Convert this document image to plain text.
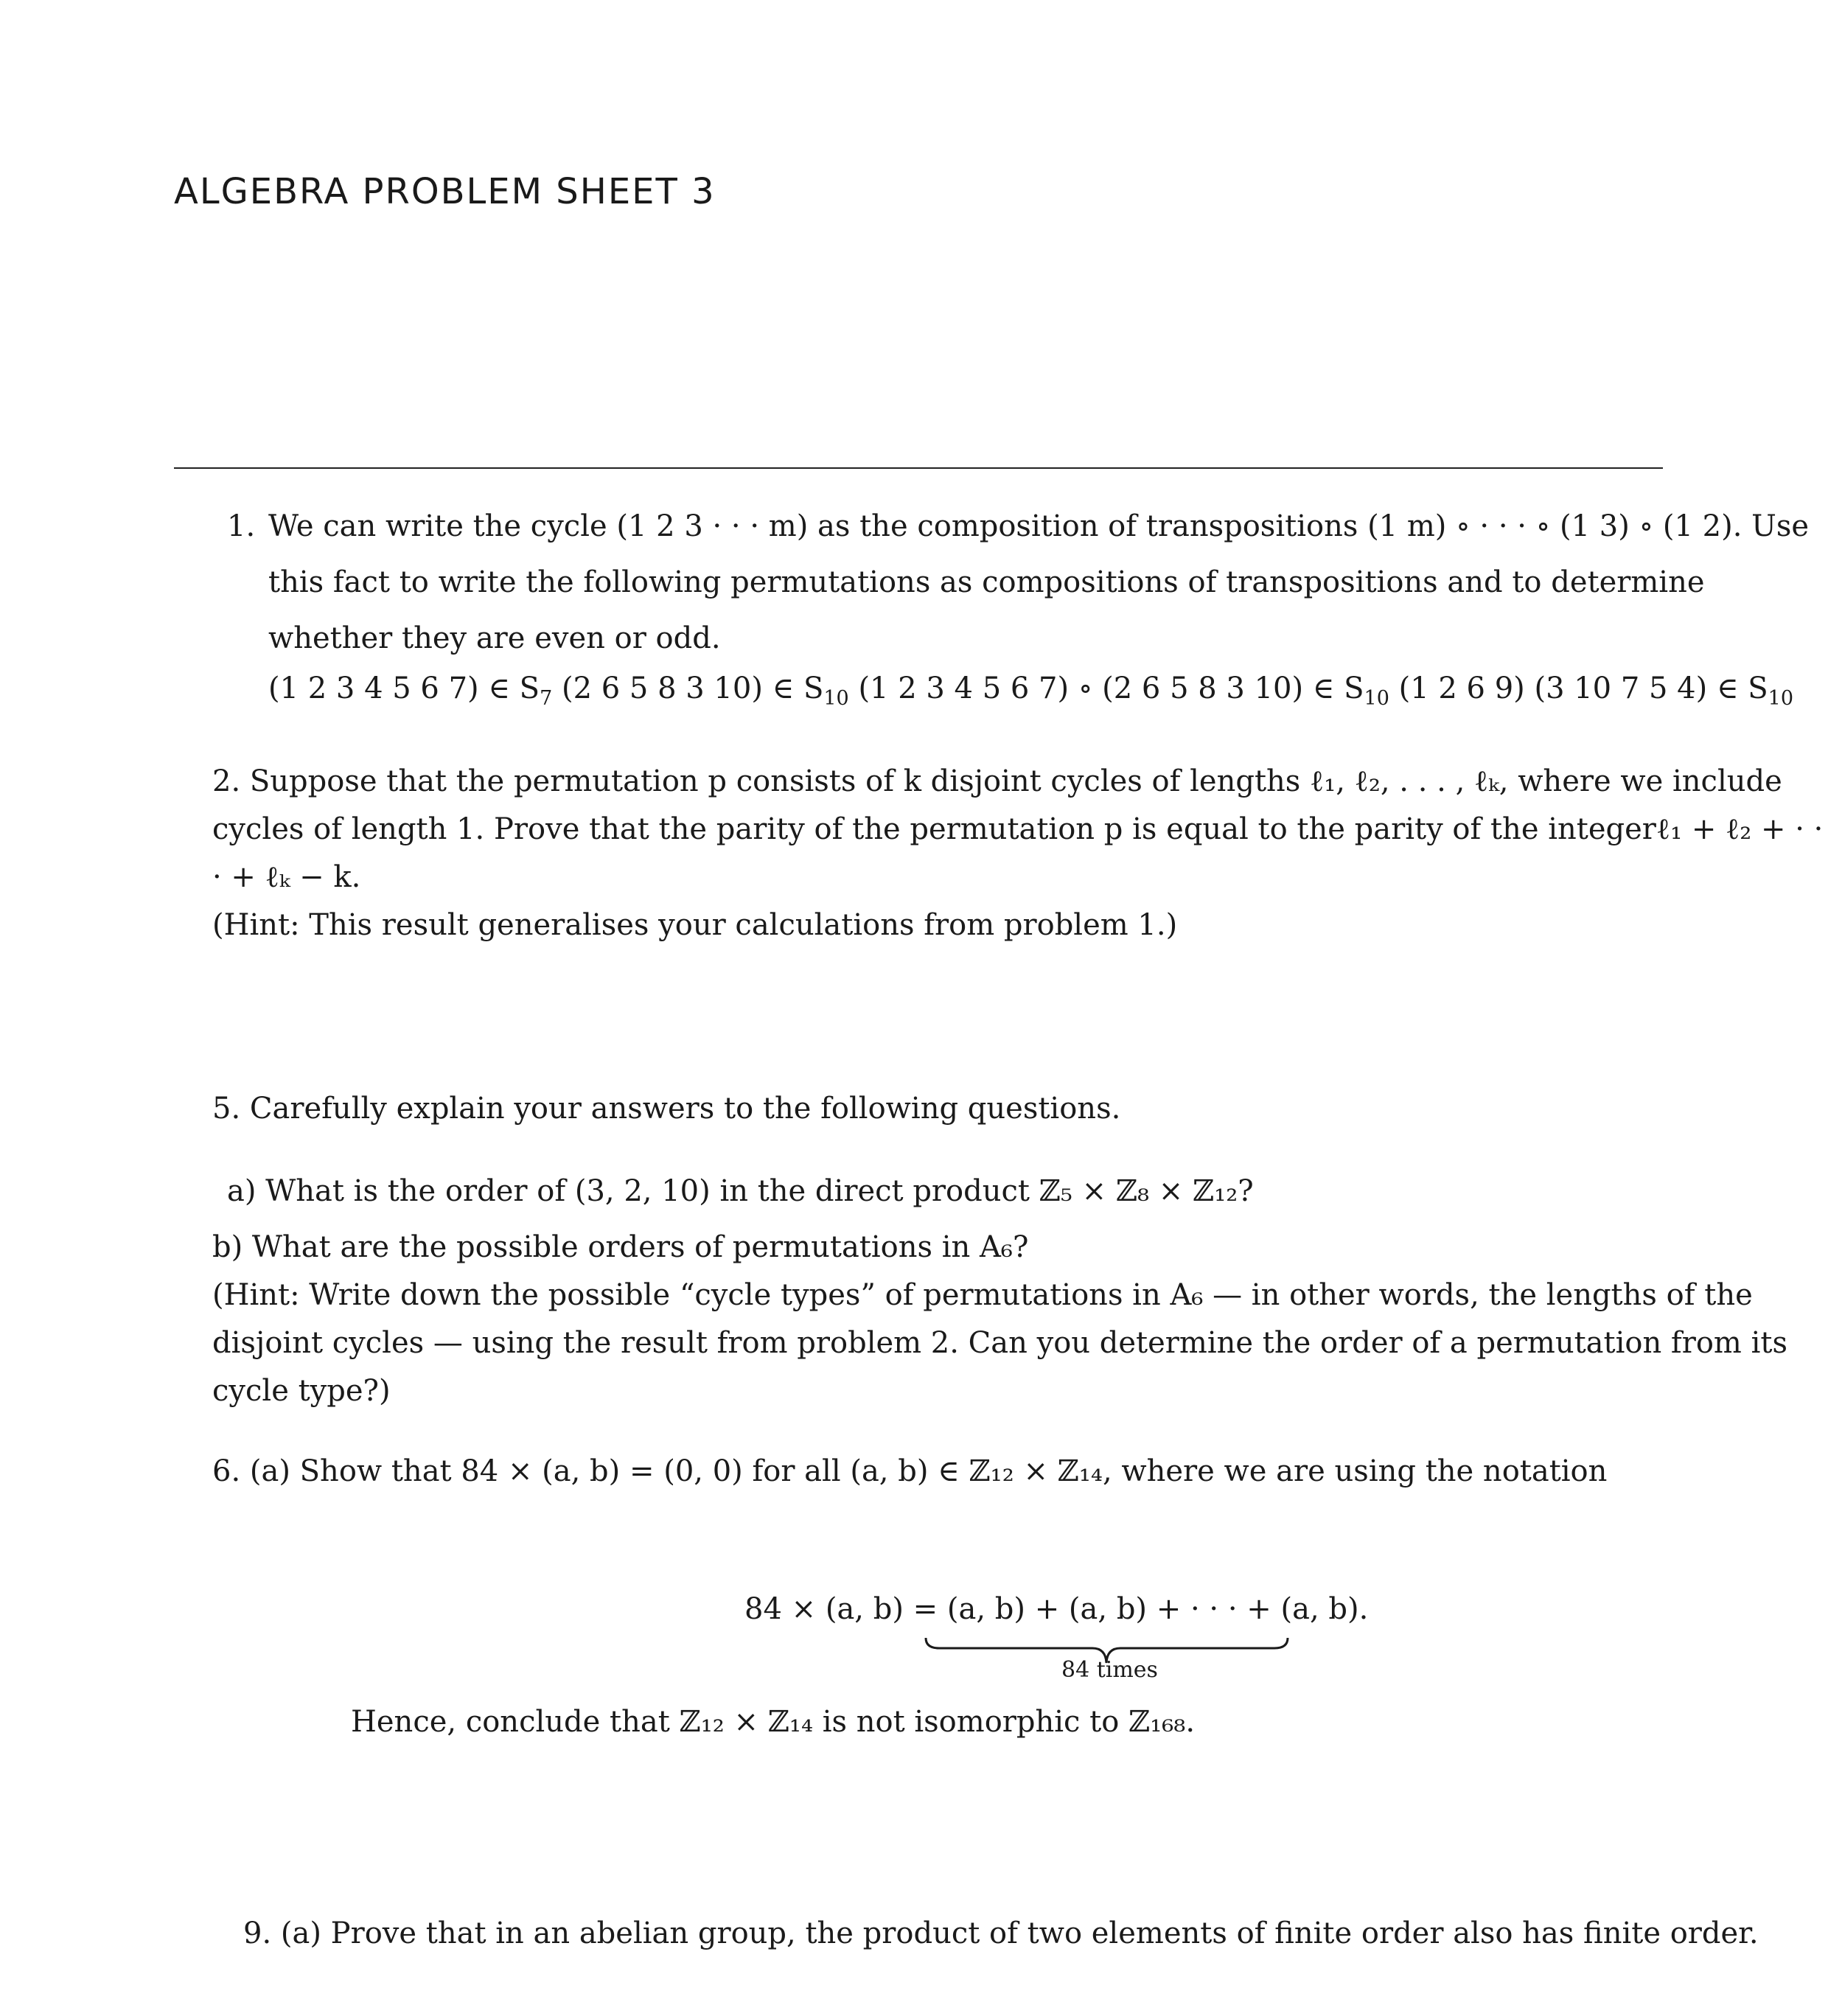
ALGEBRA PROBLEM SHEET 3
1. We can write the cycle (1 2 3 · · · m) as the composition of transpositions (1 m) ∘ · · · ∘ (1 3) ∘ (1 2). Use
this fact to write the following permutations as compositions of transpositions and to determine
whether they are even or odd.
(1 2 3 4 5 6 7) ∈ $S_7$ (2 6 5 8 3 10) ∈ $S_{10}$ (1 2 3 4 5 6 7) ∘ (2 6 5 8 3 10) ∈ $S_{10}$ (1 2 6 9) (3 10 7 5 4) ∈ $S_{10}$
2. Suppose that the permutation p consists of k disjoint cycles of lengths ℓ₁, ℓ₂, . . . , ℓₖ, where we include
cycles of length 1. Prove that the parity of the permutation p is equal to the parity of the integerℓ₁ + ℓ₂ + · ·
· + ℓₖ − k.
(Hint: This result generalises your calculations from problem 1.)
5. Carefully explain your answers to the following questions.
a) What is the order of (3, 2, 10) in the direct product ℤ₅ × ℤ₈ × ℤ₁₂?
b) What are the possible orders of permutations in A₆?
(Hint: Write down the possible “cycle types” of permutations in A₆ — in other words, the lengths of the
disjoint cycles — using the result from problem 2. Can you determine the order of a permutation from its
cycle type?)
6. (a) Show that 84 × (a, b) = (0, 0) for all (a, b) ∈ ℤ₁₂ × ℤ₁₄, where we are using the notation
84 × (a, b) = (a, b) + (a, b) + · · · + (a, b).
84 times
Hence, conclude that ℤ₁₂ × ℤ₁₄ is not isomorphic to ℤ₁₆₈.
9. (a) Prove that in an abelian group, the product of two elements of finite order also has finite order.
